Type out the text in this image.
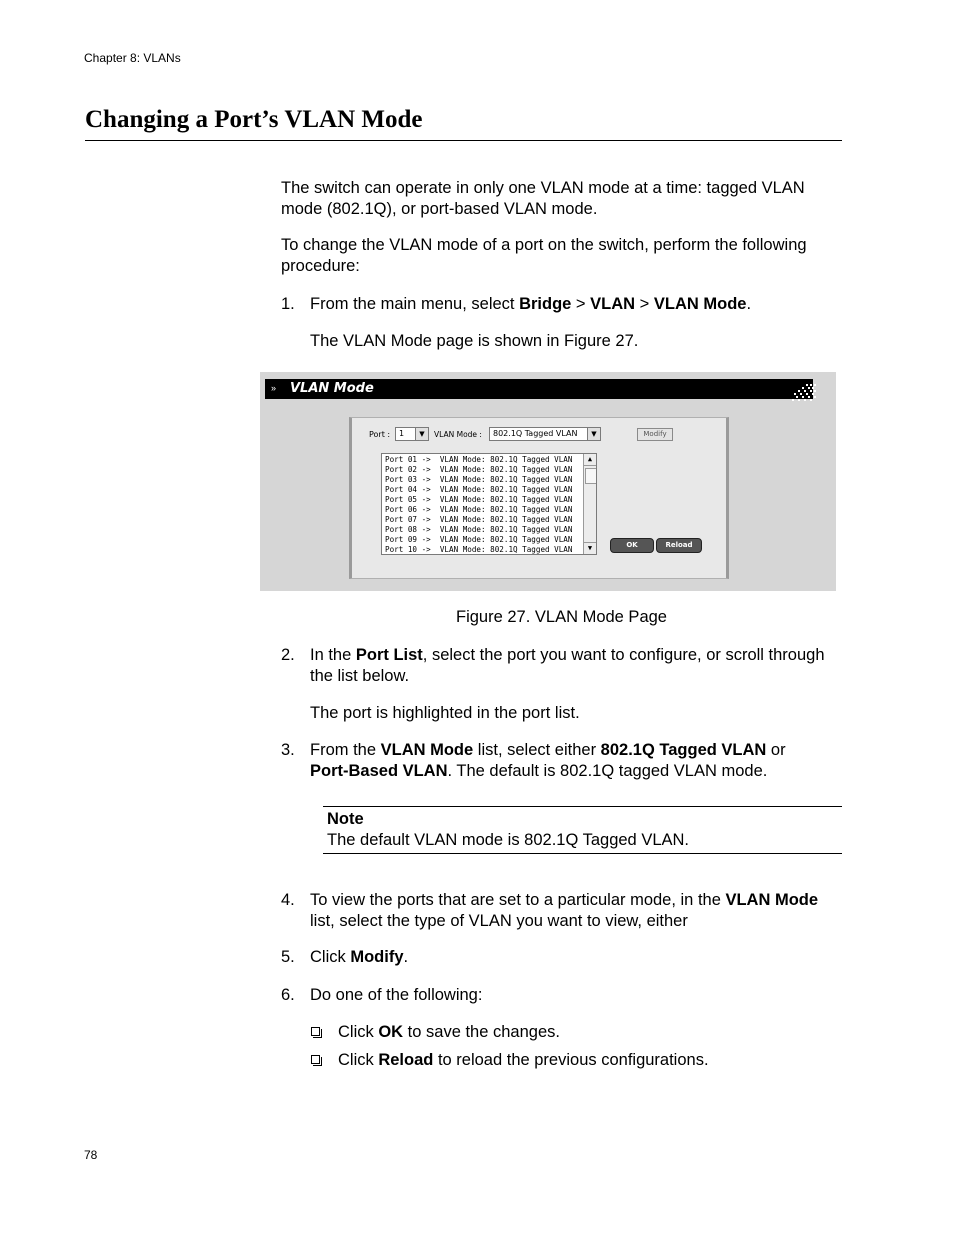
Chapter 8: VLANs
Changing a Port’s VLAN Mode
The switch can operate in only one VLAN mode at a time: tagged VLAN
mode (802.1Q), or port-based VLAN mode.
To change the VLAN mode of a port on the switch, perform the following
procedure:
1. From the main menu, select Bridge > VLAN > VLAN Mode.
The VLAN Mode page is shown in Figure 27.
» VLAN Mode
Port : 1	▼	VLAN Mode : 802.1Q Tagged VLAN	▼	Modify
Port 01 ->  VLAN Mode: 802.1Q Tagged VLAN
Port 02 ->  VLAN Mode: 802.1Q Tagged VLAN
Port 03 ->  VLAN Mode: 802.1Q Tagged VLAN
Port 04 ->  VLAN Mode: 802.1Q Tagged VLAN
Port 05 ->  VLAN Mode: 802.1Q Tagged VLAN
Port 06 ->  VLAN Mode: 802.1Q Tagged VLAN
Port 07 ->  VLAN Mode: 802.1Q Tagged VLAN
Port 08 ->  VLAN Mode: 802.1Q Tagged VLAN
Port 09 ->  VLAN Mode: 802.1Q Tagged VLAN
Port 10 ->  VLAN Mode: 802.1Q Tagged VLAN
▲
▼	OK	Reload
Figure 27. VLAN Mode Page
2. In the Port List, select the port you want to configure, or scroll through
the list below.
The port is highlighted in the port list.
3. From the VLAN Mode list, select either 802.1Q Tagged VLAN or
Port-Based VLAN. The default is 802.1Q tagged VLAN mode.
Note
The default VLAN mode is 802.1Q Tagged VLAN.
4. To view the ports that are set to a particular mode, in the VLAN Mode
list, select the type of VLAN you want to view, either
5. Click Modify.
6. Do one of the following:
Click OK to save the changes.
Click Reload to reload the previous configurations.
78
